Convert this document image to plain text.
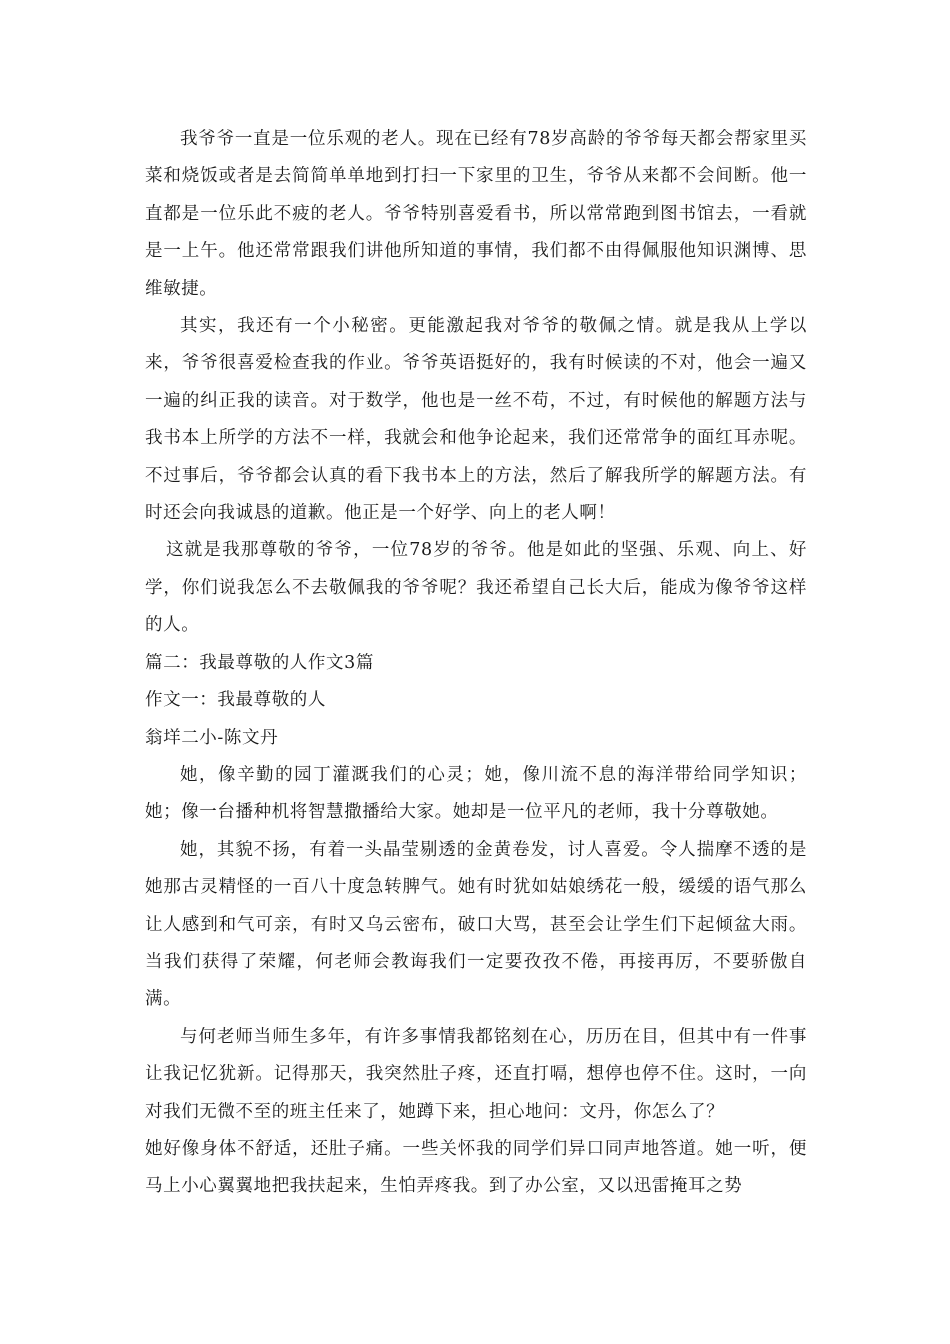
我爷爷一直是一位乐观的老人。现在已经有78岁高龄的爷爷每天都会帮家里买菜和烧饭或者是去简简单单地到打扫一下家里的卫生，爷爷从来都不会间断。他一直都是一位乐此不疲的老人。爷爷特别喜爱看书，所以常常跑到图书馆去，一看就是一上午。他还常常跟我们讲他所知道的事情，我们都不由得佩服他知识渊博、思维敏捷。

其实，我还有一个小秘密。更能激起我对爷爷的敬佩之情。就是我从上学以来，爷爷很喜爱检查我的作业。爷爷英语挺好的，我有时候读的不对，他会一遍又一遍的纠正我的读音。对于数学，他也是一丝不苟，不过，有时候他的解题方法与我书本上所学的方法不一样，我就会和他争论起来，我们还常常争的面红耳赤呢。不过事后，爷爷都会认真的看下我书本上的方法，然后了解我所学的解题方法。有时还会向我诚恳的道歉。他正是一个好学、向上的老人啊！

这就是我那尊敬的爷爷，一位78岁的爷爷。他是如此的坚强、乐观、向上、好学，你们说我怎么不去敬佩我的爷爷呢？我还希望自己长大后，能成为像爷爷这样的人。

篇二：我最尊敬的人作文3篇

作文一：我最尊敬的人

翁垟二小-陈文丹

她，像辛勤的园丁灌溉我们的心灵；她，像川流不息的海洋带给同学知识；她；像一台播种机将智慧撒播给大家。她却是一位平凡的老师，我十分尊敬她。

她，其貌不扬，有着一头晶莹剔透的金黄卷发，讨人喜爱。令人揣摩不透的是她那古灵精怪的一百八十度急转脾气。她有时犹如姑娘绣花一般，缓缓的语气那么让人感到和气可亲，有时又乌云密布，破口大骂，甚至会让学生们下起倾盆大雨。当我们获得了荣耀，何老师会教诲我们一定要孜孜不倦，再接再厉，不要骄傲自满。

与何老师当师生多年，有许多事情我都铭刻在心，历历在目，但其中有一件事让我记忆犹新。记得那天，我突然肚子疼，还直打嗝，想停也停不住。这时，一向对我们无微不至的班主任来了，她蹲下来，担心地问：文丹，你怎么了？

她好像身体不舒适，还肚子痛。一些关怀我的同学们异口同声地答道。她一听，便马上小心翼翼地把我扶起来，生怕弄疼我。到了办公室，又以迅雷掩耳之势
